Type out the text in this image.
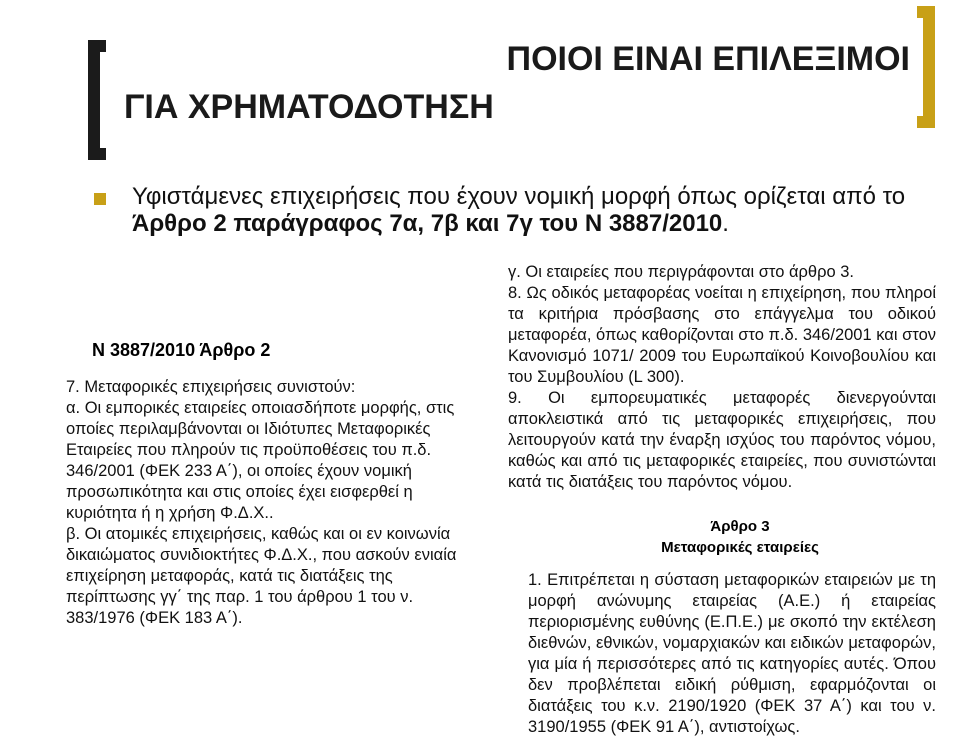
ΠΟΙΟΙ ΕΙΝΑΙ ΕΠΙΛΕΞΙΜΟΙ
ΓΙΑ ΧΡΗΜΑΤΟΔΟΤΗΣΗ
Υφιστάμενες επιχειρήσεις που έχουν νομική μορφή όπως ορίζεται από το Άρθρο 2 παράγραφος 7α, 7β και 7γ του Ν 3887/2010.
Ν 3887/2010 Άρθρο 2

7. Μεταφορικές επιχειρήσεις συνιστούν:

α. Οι εμπορικές εταιρείες οποιασδήποτε μορφής, στις οποίες περιλαμβάνονται οι Ιδιότυπες Μεταφορικές Εταιρείες που πληρούν τις προϋποθέσεις του π.δ. 346/2001 (ΦΕΚ 233 Α΄), οι οποίες έχουν νομική προσωπικότητα και στις οποίες έχει εισφερθεί η κυριότητα ή η χρήση Φ.Δ.Χ..

β. Οι ατομικές επιχειρήσεις, καθώς και οι εν κοινωνία δικαιώματος συνιδιοκτήτες Φ.Δ.Χ., που ασκούν ενιαία επιχείρηση μεταφοράς, κατά τις διατάξεις της περίπτωσης γγ΄ της παρ. 1 του άρθρου 1 του ν. 383/1976 (ΦΕΚ 183 Α΄).

γ. Οι εταιρείες που περιγράφονται στο άρθρο 3.

8. Ως οδικός μεταφορέας νοείται η επιχείρηση, που πληροί τα κριτήρια πρόσβασης στο επάγγελμα του οδικού μεταφορέα, όπως καθορίζονται στο π.δ. 346/2001 και στον Κανονισμό 1071/ 2009 του Ευρωπαϊκού Κοινοβουλίου και του Συμβουλίου (L 300).

9. Οι εμπορευματικές μεταφορές διενεργούνται αποκλειστικά από τις μεταφορικές επιχειρήσεις, που λειτουργούν κατά την έναρξη ισχύος του παρόντος νόμου, καθώς και από τις μεταφορικές εταιρείες, που συνιστώνται κατά τις διατάξεις του παρόντος νόμου.

Άρθρο 3
Μεταφορικές εταιρείες

1. Επιτρέπεται η σύσταση μεταφορικών εταιρειών με τη μορφή ανώνυμης εταιρείας (Α.Ε.) ή εταιρείας περιορισμένης ευθύνης (Ε.Π.Ε.) με σκοπό την εκτέλεση διεθνών, εθνικών, νομαρχιακών και ειδικών μεταφορών, για μία ή περισσότερες από τις κατηγορίες αυτές. Όπου δεν προβλέπεται ειδική ρύθμιση, εφαρμόζονται οι διατάξεις του κ.ν. 2190/1920 (ΦΕΚ 37 Α΄) και του ν. 3190/1955 (ΦΕΚ 91 Α΄), αντιστοίχως.
